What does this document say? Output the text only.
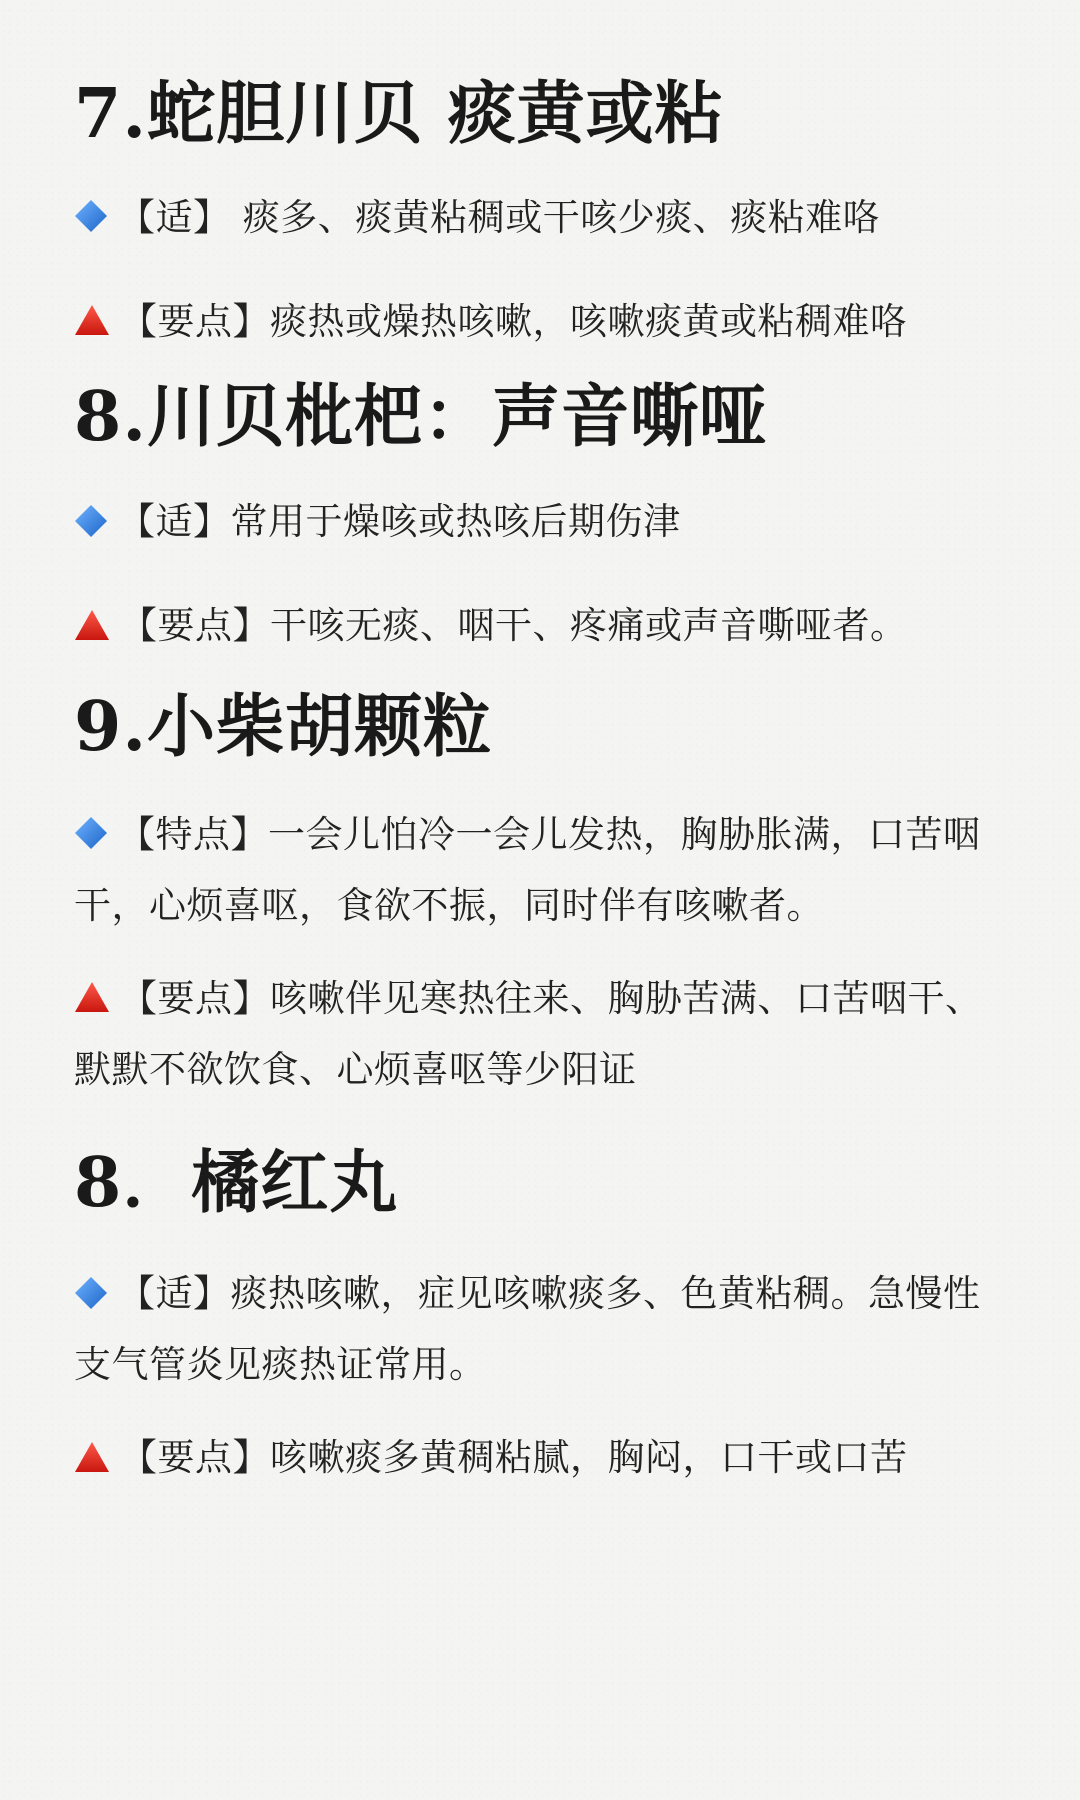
7.蛇胆川贝 痰黄或粘

【适】 痰多、痰黄粘稠或干咳少痰、痰粘难咯

【要点】痰热或燥热咳嗽，咳嗽痰黄或粘稠难咯

8.川贝枇杷：声音嘶哑

【适】常用于燥咳或热咳后期伤津

【要点】干咳无痰、咽干、疼痛或声音嘶哑者。

9.小柴胡颗粒

【特点】一会儿怕冷一会儿发热，胸胁胀满，口苦咽干，心烦喜呕，食欲不振，同时伴有咳嗽者。

【要点】咳嗽伴见寒热往来、胸胁苦满、口苦咽干、默默不欲饮食、心烦喜呕等少阳证

8．橘红丸

【适】痰热咳嗽，症见咳嗽痰多、色黄粘稠。急慢性支气管炎见痰热证常用。

【要点】咳嗽痰多黄稠粘腻，胸闷，口干或口苦
